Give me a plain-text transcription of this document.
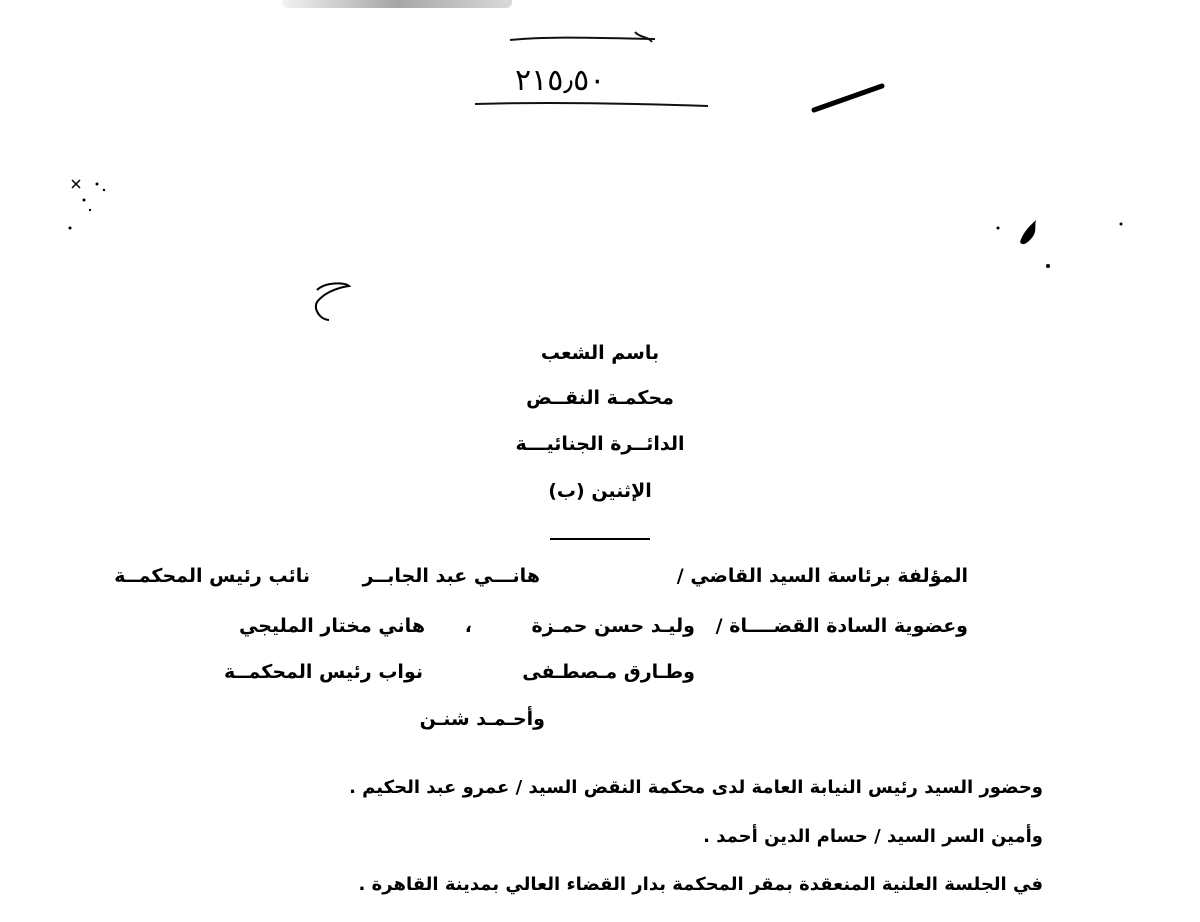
٢١٥٫٥٠
باسم الشعب
محكمـة النقــض
الدائــرة الجنائيـــة
الإثنين (ب)
المؤلفة برئاسة السيد القاضي /
هانـــي عبد الجابــر
نائب رئيس المحكمــة
وعضوية السادة القضــــاة /
وليـد حسن حمـزة
،
هاني مختار المليجي
وطـارق مـصطـفى
نواب رئيس المحكمــة
وأحـمـد شنـن
وحضور السيد رئيس النيابة العامة لدى محكمة النقض السيد / عمرو عبد الحكيم .
وأمين السر السيد / حسام الدين أحمد .
في الجلسة العلنية المنعقدة بمقر المحكمة بدار القضاء العالي بمدينة القاهرة .
